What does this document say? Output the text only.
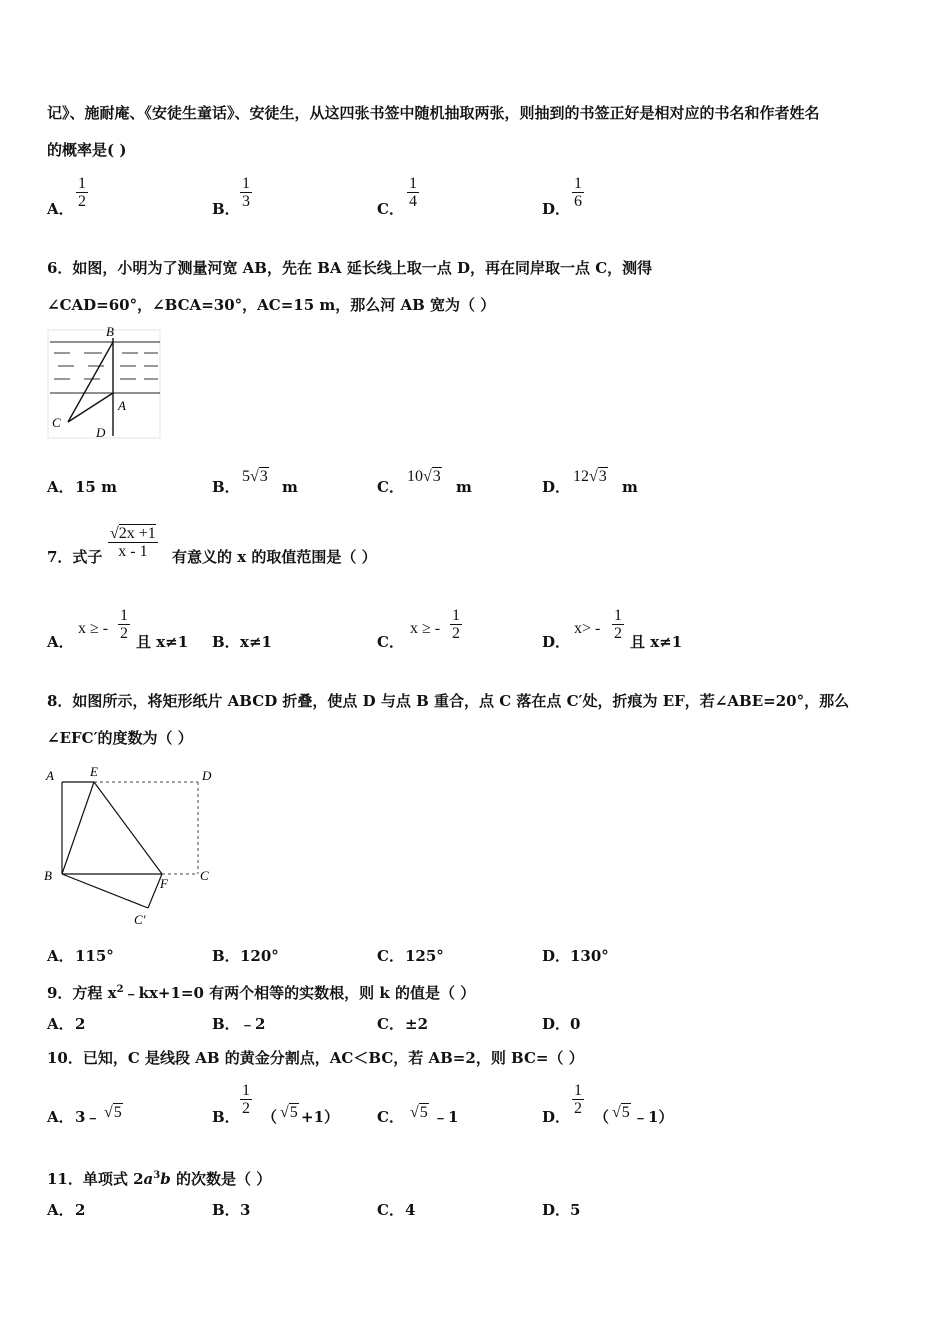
记》、施耐庵、《安徒生童话》、安徒生，从这四张书签中随机抽取两张，则抽到的书签正好是相对应的书名和作者姓名
的概率是( )
A．
1
2	B．
1
3	C．
1
4	D．
1
6
6．如图，小明为了测量河宽 AB，先在 BA 延长线上取一点 D，再在同岸取一点 C，测得
∠CAD=60°，∠BCA=30°，AC=15 m，那么河 AB 宽为（ ）
B
A
C
D
A． 15 m	B．
5√3
m	C．
10√3
m	D．
12√3
m
7．式子
√2x +1
x - 1 有意义的 x 的取值范围是（ ）
A．
x ≥ -
1
2 且 x≠1 B． x≠1	C．
x ≥ -
1
2	D．
x> -
1
2 且 x≠1
8．如图所示，将矩形纸片 ABCD 折叠，使点 D 与点 B 重合，点 C 落在点 C′处，折痕为 EF，若∠ABE=20°，那么
∠EFC′的度数为（ ）
A	E	D
B	C
F
C′
A． 115°	B． 120°	C． 125°	D． 130°
9．方程 $x^2﹣kx+1=0$ 有两个相等的实数根，则 k 的值是（ ）
A． 2	B． ﹣2	C． ±2	D． 0
10．已知，C 是线段 AB 的黄金分割点，AC＜BC，若 AB=2，则 BC=（ ）
A． 3﹣ √5	B．
1
2 （ √5 +1）	C． √5 ﹣1	D．
1
2 （ √5 ﹣1）
11．单项式 $2a^3b$ 的次数是（ ）
A． 2	B． 3	C． 4	D． 5
